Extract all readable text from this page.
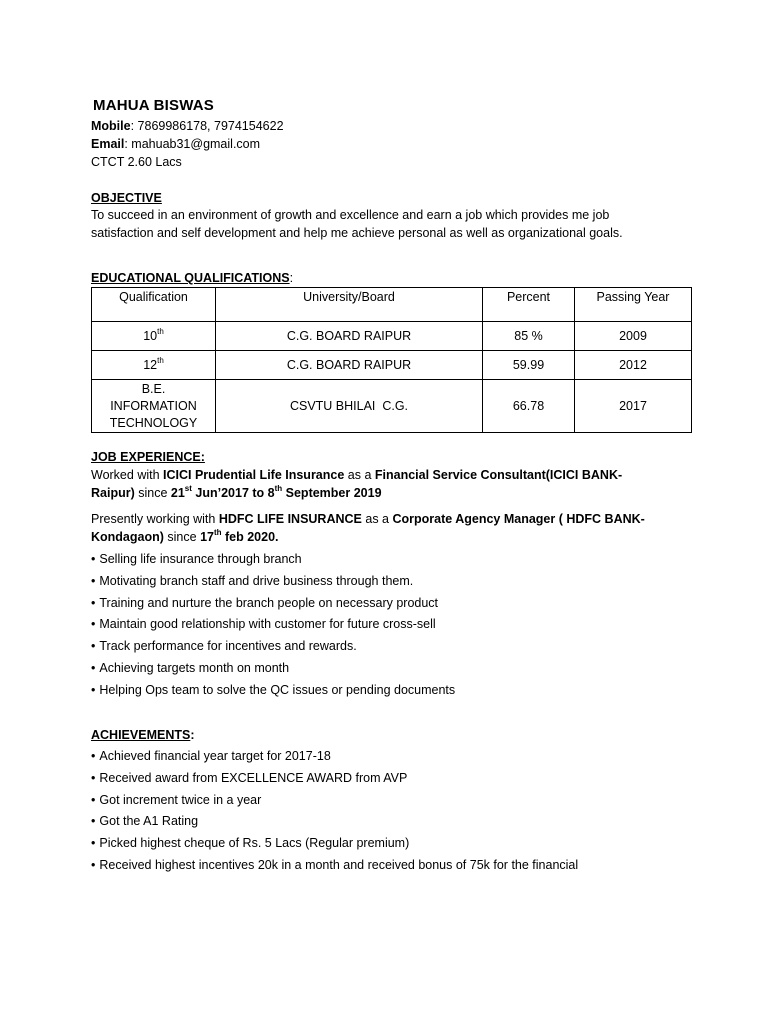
MAHUA BISWAS
Mobile: 7869986178, 7974154622
Email: mahuab31@gmail.com
CTCT 2.60 Lacs
OBJECTIVE
To succeed in an environment of growth and excellence and earn a job which provides me job
satisfaction and self development and help me achieve personal as well as organizational goals.
EDUCATIONAL QUALIFICATIONS:
Qualification	University/Board	Percent	Passing Year
10th	C.G. BOARD RAIPUR	85 %	2009
12th	C.G. BOARD RAIPUR	59.99	2012

B.E.
INFORMATION
TECHNOLOGY	CSVTU BHILAI  C.G.	66.78	2017
JOB EXPERIENCE:
Worked with ICICI Prudential Life Insurance as a Financial Service Consultant(ICICI BANK-
Raipur) since 21st Jun’2017 to 8th September 2019
Presently working with HDFC LIFE INSURANCE as a Corporate Agency Manager ( HDFC BANK-
Kondagaon) since 17th feb 2020.
• Selling life insurance through branch
• Motivating branch staff and drive business through them.
• Training and nurture the branch people on necessary product
• Maintain good relationship with customer for future cross-sell
• Track performance for incentives and rewards.
• Achieving targets month on month
• Helping Ops team to solve the QC issues or pending documents
ACHIEVEMENTS:
• Achieved financial year target for 2017-18
• Received award from EXCELLENCE AWARD from AVP
• Got increment twice in a year
• Got the A1 Rating
• Picked highest cheque of Rs. 5 Lacs (Regular premium)
• Received highest incentives 20k in a month and received bonus of 75k for the financial
